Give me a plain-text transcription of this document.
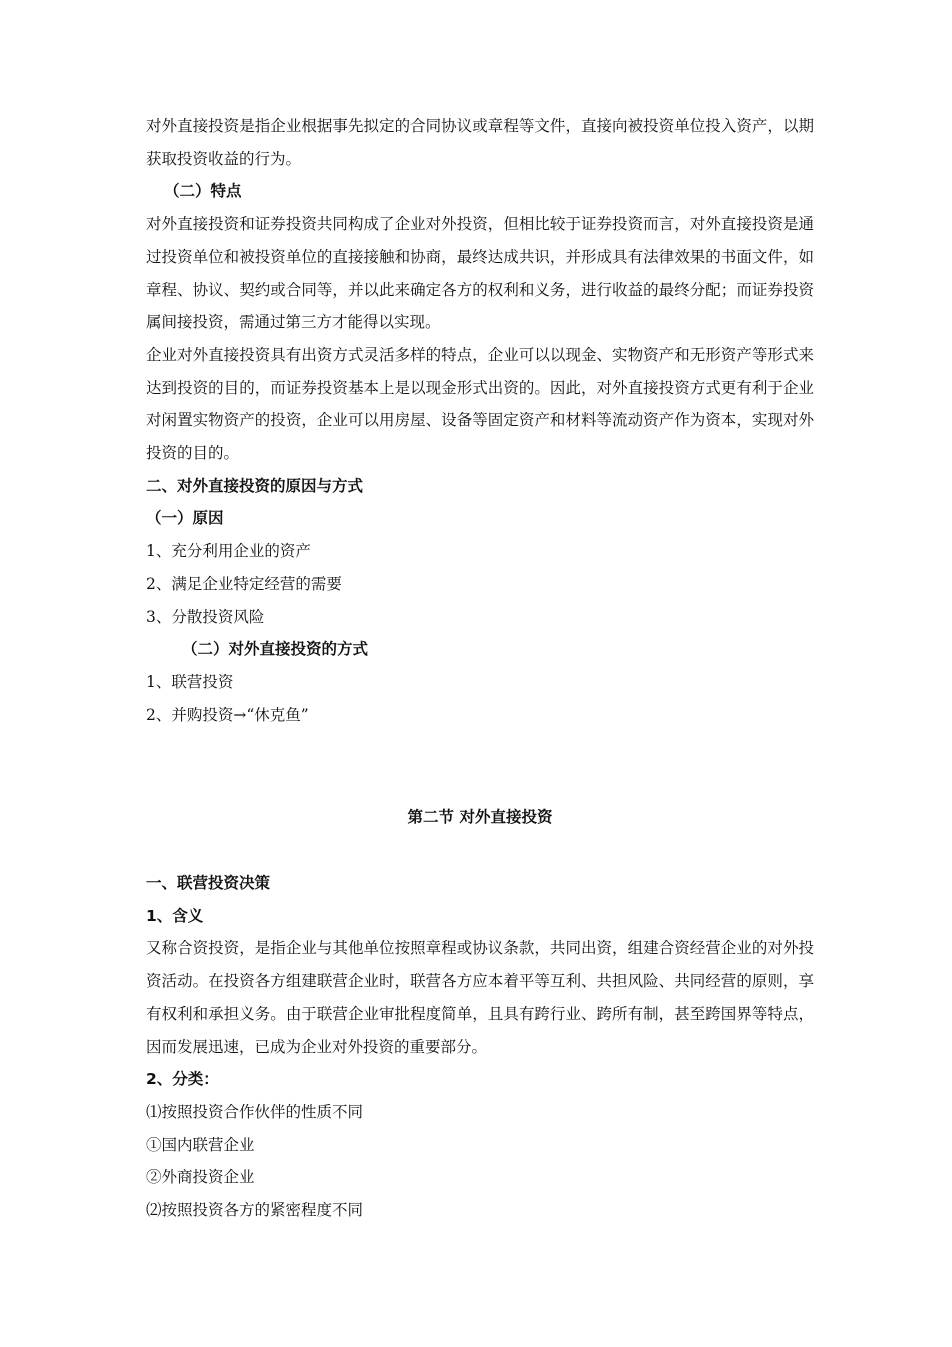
对外直接投资是指企业根据事先拟定的合同协议或章程等文件，直接向被投资单位投入资产，以期获取投资收益的行为。

（二）特点

对外直接投资和证券投资共同构成了企业对外投资，但相比较于证券投资而言，对外直接投资是通过投资单位和被投资单位的直接接触和协商，最终达成共识，并形成具有法律效果的书面文件，如章程、协议、契约或合同等，并以此来确定各方的权利和义务，进行收益的最终分配；而证券投资属间接投资，需通过第三方才能得以实现。

企业对外直接投资具有出资方式灵活多样的特点，企业可以以现金、实物资产和无形资产等形式来达到投资的目的，而证券投资基本上是以现金形式出资的。因此，对外直接投资方式更有利于企业对闲置实物资产的投资，企业可以用房屋、设备等固定资产和材料等流动资产作为资本，实现对外投资的目的。

二、对外直接投资的原因与方式

（一）原因

1、充分利用企业的资产

2、满足企业特定经营的需要

3、分散投资风险

（二）对外直接投资的方式

1、联营投资

2、并购投资→“休克鱼”

第二节 对外直接投资

一、联营投资决策

1、含义

又称合资投资，是指企业与其他单位按照章程或协议条款，共同出资，组建合资经营企业的对外投资活动。在投资各方组建联营企业时，联营各方应本着平等互利、共担风险、共同经营的原则，享有权利和承担义务。由于联营企业审批程度简单，且具有跨行业、跨所有制，甚至跨国界等特点，因而发展迅速，已成为企业对外投资的重要部分。

2、分类：

⑴按照投资合作伙伴的性质不同

①国内联营企业

②外商投资企业

⑵按照投资各方的紧密程度不同
